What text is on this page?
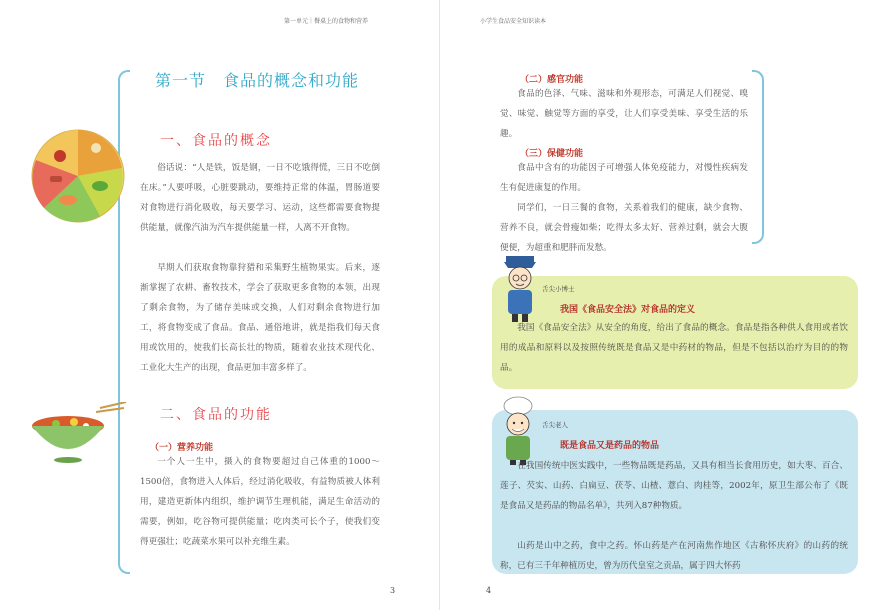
第一单元｜餐桌上的食物和营养
第一节　食品的概念和功能
一、食品的概念

俗话说：“人是铁，饭是钢，一日不吃饿得慌，三日不吃倒在床。”人要呼吸，心脏要跳动，要维持正常的体温，胃肠道要对食物进行消化吸收，每天要学习、运动，这些都需要食物提供能量，就像汽油为汽车提供能量一样，人离不开食物。

早期人们获取食物靠狩猎和采集野生植物果实。后来，逐渐掌握了农耕、畜牧技术，学会了获取更多食物的本领，出现了剩余食物，为了储存美味或交换，人们对剩余食物进行加工，将食物变成了食品。食品、通俗地讲，就是指我们每天食用或饮用的，使我们长高长壮的物质，随着农业技术现代化、工业化大生产的出现，食品更加丰富多样了。

二、食品的功能
（一）营养功能

一个人一生中，摄入的食物要超过自己体重的1000～1500倍，食物进入人体后，经过消化吸收，有益物质被人体利用，建造更新体内组织，维护调节生理机能，满足生命活动的需要，例如，吃谷物可提供能量；吃肉类可长个子，使我们变得更强壮；吃蔬菜水果可以补充维生素。

3
小学生食品安全知识读本
（二）感官功能

食品的色泽、气味、滋味和外观形态，可满足人们视觉、嗅觉、味觉、触觉等方面的享受，让人们享受美味、享受生活的乐趣。

（三）保健功能

食品中含有的功能因子可增强人体免疫能力，对慢性疾病发生有促进康复的作用。

同学们，一日三餐的食物，关系着我们的健康，缺少食物、营养不良，就会骨瘦如柴；吃得太多太好、营养过剩，就会大腹便便，为超重和肥胖而发愁。

4
舌尖小博士
我国《食品安全法》对食品的定义

我国《食品安全法》从安全的角度，给出了食品的概念。食品是指各种供人食用或者饮用的成品和原料以及按照传统既是食品又是中药材的物品，但是不包括以治疗为目的的物品。

舌尖老人
既是食品又是药品的物品

在我国传统中医实践中，一些物品既是药品，又具有相当长食用历史，如大枣、百合、莲子、芡实、山药、白扁豆、茯苓、山楂、薏白、肉桂等，2002年，原卫生部公布了《既是食品又是药品的物品名单》，共列入87种物质。

山药是山中之药，食中之药。怀山药是产在河南焦作地区《古称怀庆府》的山药的统称，已有三千年种植历史，曾为历代皇室之贡品，属于四大怀药
